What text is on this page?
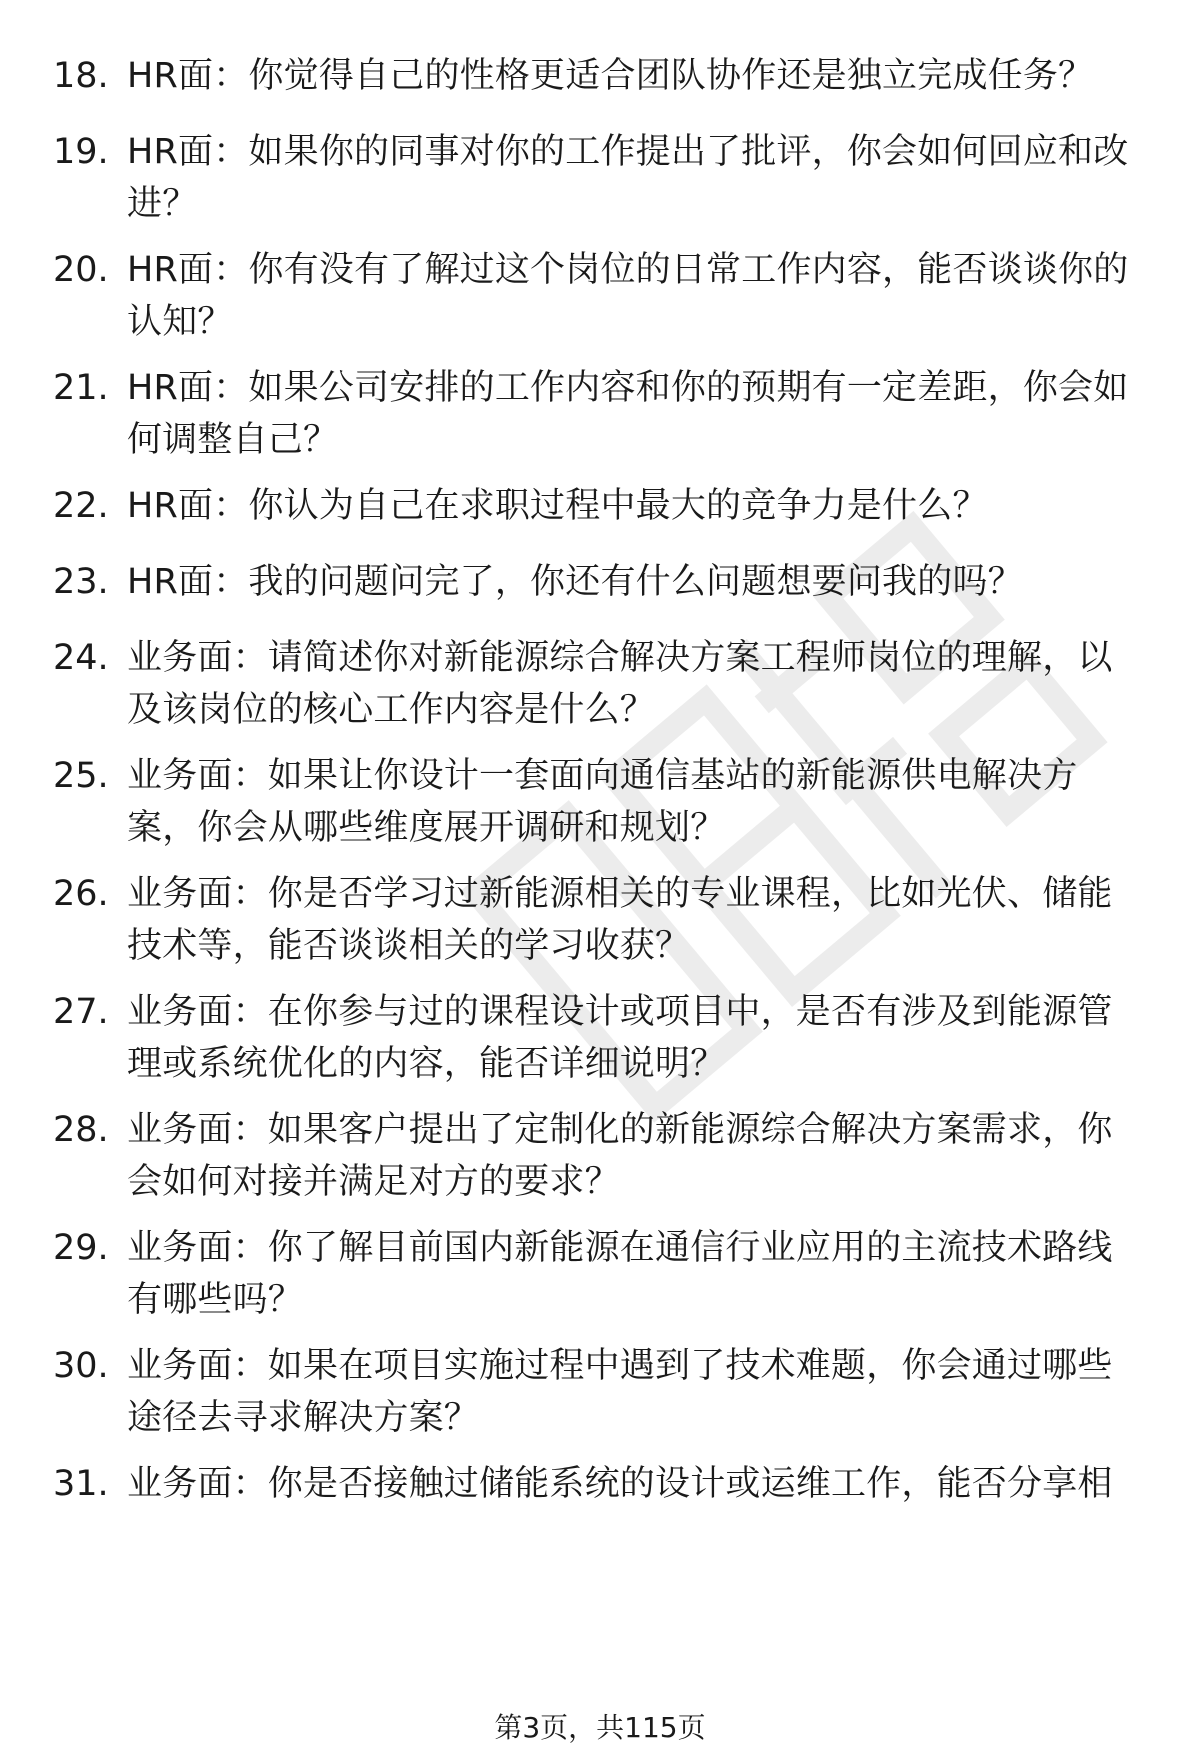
18. HR面：你觉得自己的性格更适合团队协作还是独立完成任务？
19. HR面：如果你的同事对你的工作提出了批评，你会如何回应和改
进？
20. HR面：你有没有了解过这个岗位的日常工作内容，能否谈谈你的
认知？
21. HR面：如果公司安排的工作内容和你的预期有一定差距，你会如
何调整自己？
22. HR面：你认为自己在求职过程中最大的竞争力是什么？
23. HR面：我的问题问完了，你还有什么问题想要问我的吗？
24. 业务面：请简述你对新能源综合解决方案工程师岗位的理解，以
及该岗位的核心工作内容是什么？
25. 业务面：如果让你设计一套面向通信基站的新能源供电解决方
案，你会从哪些维度展开调研和规划？
26. 业务面：你是否学习过新能源相关的专业课程，比如光伏、储能
技术等，能否谈谈相关的学习收获？
27. 业务面：在你参与过的课程设计或项目中，是否有涉及到能源管
理或系统优化的内容，能否详细说明？
28. 业务面：如果客户提出了定制化的新能源综合解决方案需求，你
会如何对接并满足对方的要求？
29. 业务面：你了解目前国内新能源在通信行业应用的主流技术路线
有哪些吗？
30. 业务面：如果在项目实施过程中遇到了技术难题，你会通过哪些
途径去寻求解决方案？
31. 业务面：你是否接触过储能系统的设计或运维工作，能否分享相
第3页，共115页
